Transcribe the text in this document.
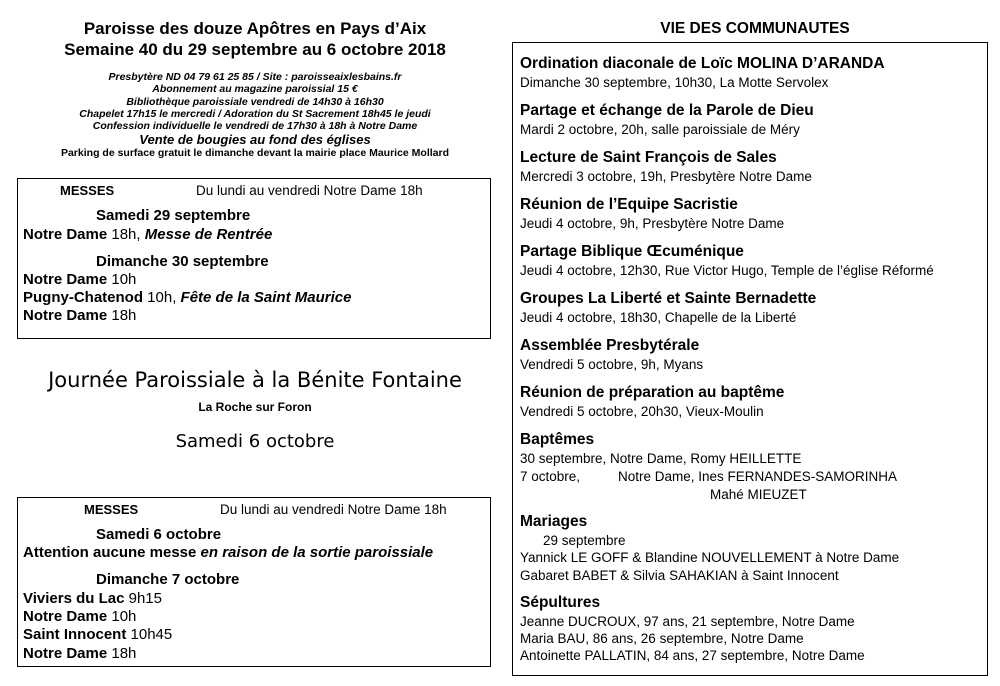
Paroisse des douze Apôtres en Pays d’Aix
Semaine 40 du 29 septembre au 6 octobre 2018
Presbytère ND 04 79 61 25 85 / Site : paroisseaixlesbains.fr
Abonnement au magazine paroissial 15 €
Bibliothèque paroissiale vendredi de 14h30 à 16h30
Chapelet 17h15 le mercredi / Adoration du St Sacrement 18h45 le jeudi
Confession individuelle le vendredi de 17h30 à 18h à Notre Dame
Vente de bougies au fond des églises
Parking de surface gratuit le dimanche devant la mairie place Maurice Mollard
MESSES	Du lundi au vendredi Notre Dame 18h
Samedi 29 septembre
Notre Dame 18h, Messe de Rentrée
Dimanche 30 septembre
Notre Dame 10h
Pugny-Chatenod 10h, Fête de la Saint Maurice
Notre Dame 18h
Journée Paroissiale à la Bénite Fontaine
La Roche sur Foron
Samedi 6 octobre
MESSES	Du lundi au vendredi Notre Dame 18h
Samedi 6 octobre
Attention aucune messe en raison de la sortie paroissiale
Dimanche 7 octobre
Viviers du Lac 9h15
Notre Dame 10h
Saint Innocent 10h45
Notre Dame 18h
VIE DES COMMUNAUTES
Ordination diaconale de Loïc MOLINA D’ARANDA
Dimanche 30 septembre, 10h30, La Motte Servolex
Partage et échange de la Parole de Dieu
Mardi 2 octobre, 20h, salle paroissiale de Méry
Lecture de Saint François de Sales
Mercredi 3 octobre, 19h, Presbytère Notre Dame
Réunion de l’Equipe Sacristie
Jeudi 4 octobre, 9h, Presbytère Notre Dame
Partage Biblique Œcuménique
Jeudi 4 octobre, 12h30, Rue Victor Hugo, Temple de l’église Réformé
Groupes La Liberté et Sainte Bernadette
Jeudi 4 octobre, 18h30, Chapelle de la Liberté
Assemblée Presbytérale
Vendredi 5 octobre, 9h, Myans
Réunion de préparation au baptême
Vendredi 5 octobre, 20h30, Vieux-Moulin
Baptêmes
30 septembre, Notre Dame, Romy HEILLETTE
7 octobre,	Notre Dame, Ines FERNANDES-SAMORINHA
Mahé MIEUZET
Mariages
29 septembre
Yannick LE GOFF & Blandine NOUVELLEMENT à Notre Dame
Gabaret BABET & Silvia SAHAKIAN à Saint Innocent
Sépultures
Jeanne DUCROUX, 97 ans, 21 septembre, Notre Dame
Maria BAU, 86 ans, 26 septembre, Notre Dame
Antoinette PALLATIN, 84 ans, 27 septembre, Notre Dame
